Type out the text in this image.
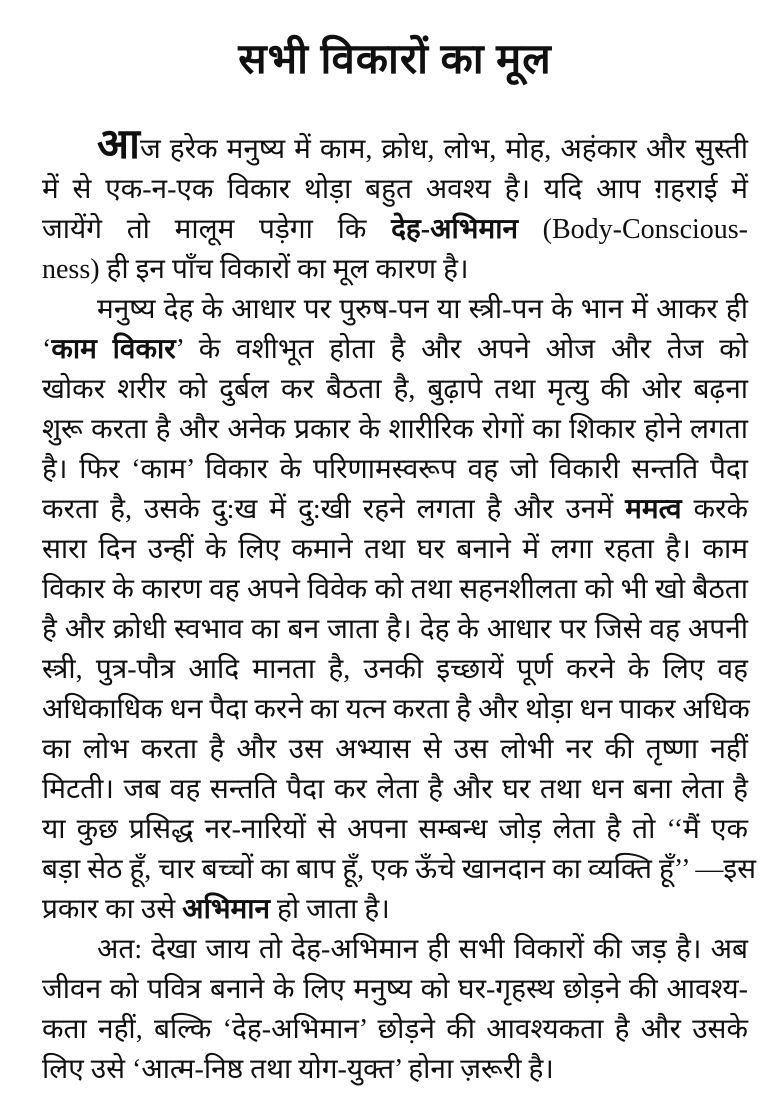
सभी विकारों का मूल
आज हरेक मनुष्य में काम, क्रोध, लोभ, मोह, अहंकार और सुस्ती
में से एक-न-एक विकार थोड़ा बहुत अवश्य है। यदि आप ग़हराई में
जायेंगे तो मालूम पड़ेगा कि देह-अभिमान (Body-Conscious-
ness) ही इन पाँच विकारों का मूल कारण है।
मनुष्य देह के आधार पर पुरुष-पन या स्त्री-पन के भान में आकर ही
‘काम विकार’ के वशीभूत होता है और अपने ओज और तेज को
खोकर शरीर को दुर्बल कर बैठता है, बुढ़ापे तथा मृत्यु की ओर बढ़ना
शुरू करता है और अनेक प्रकार के शारीरिक रोगों का शिकार होने लगता
है। फिर ‘काम’ विकार के परिणामस्वरूप वह जो विकारी सन्तति पैदा
करता है, उसके दु:ख में दु:खी रहने लगता है और उनमें ममत्व करके
सारा दिन उन्हीं के लिए कमाने तथा घर बनाने में लगा रहता है। काम
विकार के कारण वह अपने विवेक को तथा सहनशीलता को भी खो बैठता
है और क्रोधी स्वभाव का बन जाता है। देह के आधार पर जिसे वह अपनी
स्त्री, पुत्र-पौत्र आदि मानता है, उनकी इच्छायें पूर्ण करने के लिए वह
अधिकाधिक धन पैदा करने का यत्न करता है और थोड़ा धन पाकर अधिक
का लोभ करता है और उस अभ्यास से उस लोभी नर की तृष्णा नहीं
मिटती। जब वह सन्तति पैदा कर लेता है और घर तथा धन बना लेता है
या कुछ प्रसिद्ध नर-नारियों से अपना सम्बन्ध जोड़ लेता है तो ‘‘मैं एक
बड़ा सेठ हूँ, चार बच्चों का बाप हूँ, एक ऊँचे खानदान का व्यक्ति हूँ’’ —इस
प्रकार का उसे अभिमान हो जाता है।
अत: देखा जाय तो देह-अभिमान ही सभी विकारों की जड़ है। अब
जीवन को पवित्र बनाने के लिए मनुष्य को घर-गृहस्थ छोड़ने की आवश्य-
कता नहीं, बल्कि ‘देह-अभिमान’ छोड़ने की आवश्यकता है और उसके
लिए उसे ‘आत्म-निष्ठ तथा योग-युक्त’ होना ज़रूरी है।
